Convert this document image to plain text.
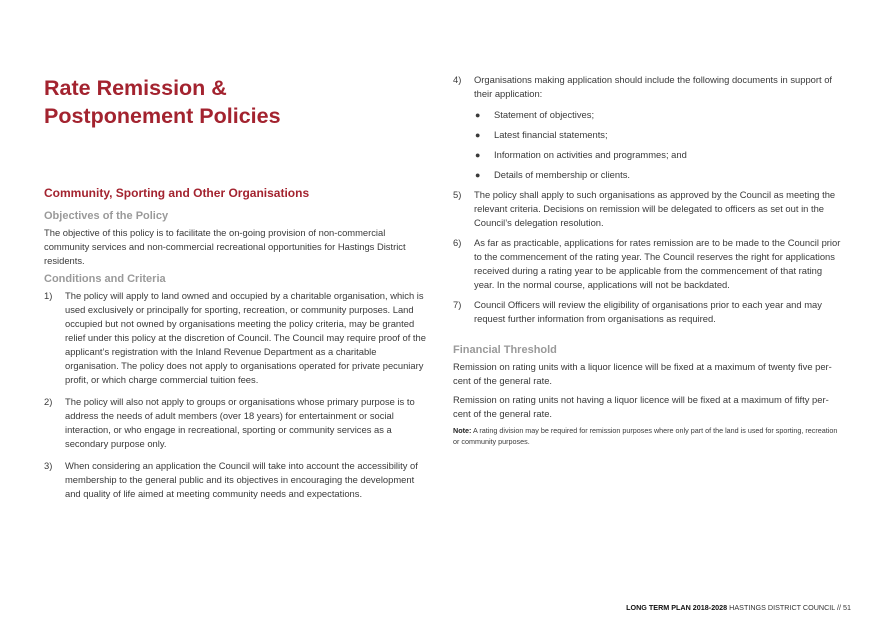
Rate Remission &
Postponement Policies
Community, Sporting and Other Organisations
Objectives of the Policy

The objective of this policy is to facilitate the on-going provision of non-commercial community services and non-commercial recreational opportunities for Hastings District residents.

Conditions and Criteria
1) The policy will apply to land owned and occupied by a charitable organisation, which is used exclusively or principally for sporting, recreation, or community purposes. Land occupied but not owned by organisations meeting the policy criteria, may be granted relief under this policy at the discretion of Council. The Council may require proof of the applicant’s registration with the Inland Revenue Department as a charitable organisation. The policy does not apply to organisations operated for private pecuniary profit, or which charge commercial tuition fees.
2) The policy will also not apply to groups or organisations whose primary purpose is to address the needs of adult members (over 18 years) for entertainment or social interaction, or who engage in recreational, sporting or community services as a secondary purpose only.
3) When considering an application the Council will take into account the accessibility of membership to the general public and its objectives in encouraging the development and quality of life aimed at meeting community needs and expectations.
4) Organisations making application should include the following documents in support of their application:
● Statement of objectives;
● Latest financial statements;
● Information on activities and programmes; and
● Details of membership or clients.
5) The policy shall apply to such organisations as approved by the Council as meeting the relevant criteria. Decisions on remission will be delegated to officers as set out in the Council’s delegation resolution.
6) As far as practicable, applications for rates remission are to be made to the Council prior to the commencement of the rating year. The Council reserves the right for applications received during a rating year to be applicable from the commencement of that rating year. In the normal course, applications will not be backdated.
7) Council Officers will review the eligibility of organisations prior to each year and may request further information from organisations as required.
Financial Threshold

Remission on rating units with a liquor licence will be fixed at a maximum of twenty five per-cent of the general rate.

Remission on rating units not having a liquor licence will be fixed at a maximum of fifty per-cent of the general rate.

Note: A rating division may be required for remission purposes where only part of the land is used for sporting, recreation or community purposes.

LONG TERM PLAN 2018-2028 HASTINGS DISTRICT COUNCIL // 51
